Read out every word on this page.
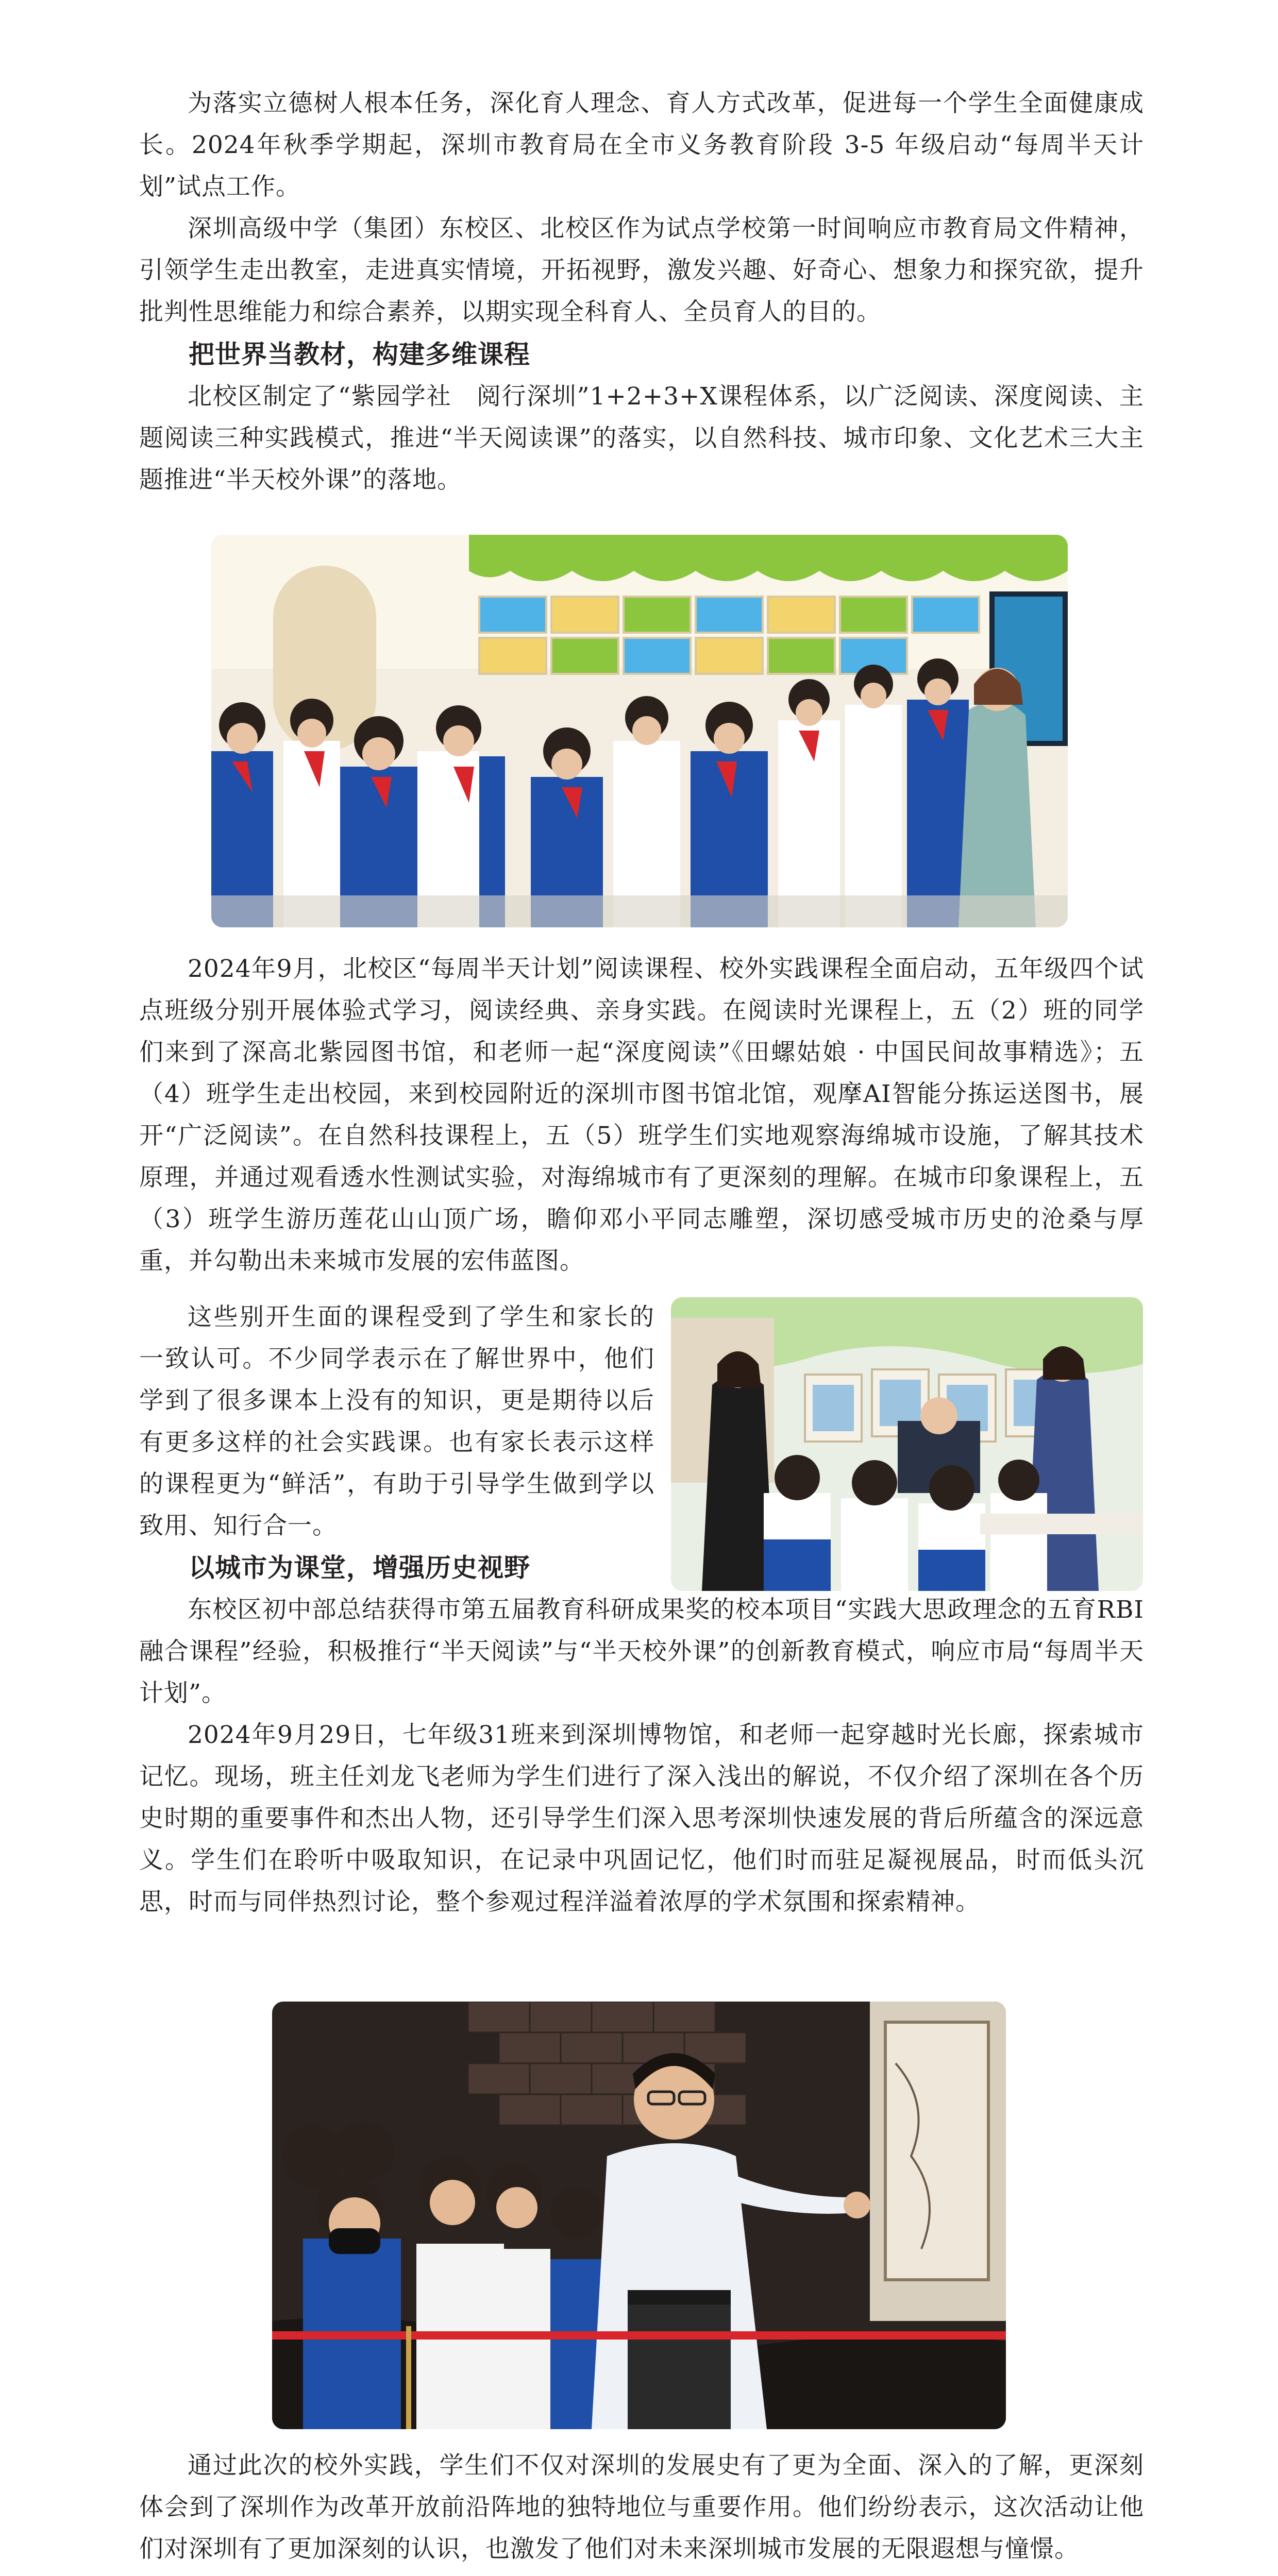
为落实立德树人根本任务，深化育人理念、育人方式改革，促进每一个学生全面健康成长。2024年秋季学期起，深圳市教育局在全市义务教育阶段 3-5 年级启动“每周半天计划”试点工作。

深圳高级中学（集团）东校区、北校区作为试点学校第一时间响应市教育局文件精神，引领学生走出教室，走进真实情境，开拓视野，激发兴趣、好奇心、想象力和探究欲，提升批判性思维能力和综合素养，以期实现全科育人、全员育人的目的。

把世界当教材，构建多维课程

北校区制定了“紫园学社　阅行深圳”1+2+3+X课程体系，以广泛阅读、深度阅读、主题阅读三种实践模式，推进“半天阅读课”的落实，以自然科技、城市印象、文化艺术三大主题推进“半天校外课”的落地。

2024年9月，北校区“每周半天计划”阅读课程、校外实践课程全面启动，五年级四个试点班级分别开展体验式学习，阅读经典、亲身实践。在阅读时光课程上，五（2）班的同学们来到了深高北紫园图书馆，和老师一起“深度阅读”《田螺姑娘 · 中国民间故事精选》；五（4）班学生走出校园，来到校园附近的深圳市图书馆北馆，观摩AI智能分拣运送图书，展开“广泛阅读”。在自然科技课程上，五（5）班学生们实地观察海绵城市设施，了解其技术原理，并通过观看透水性测试实验，对海绵城市有了更深刻的理解。在城市印象课程上，五（3）班学生游历莲花山山顶广场，瞻仰邓小平同志雕塑，深切感受城市历史的沧桑与厚重，并勾勒出未来城市发展的宏伟蓝图。

这些别开生面的课程受到了学生和家长的一致认可。不少同学表示在了解世界中，他们学到了很多课本上没有的知识，更是期待以后有更多这样的社会实践课。也有家长表示这样的课程更为“鲜活”，有助于引导学生做到学以致用、知行合一。

以城市为课堂，增强历史视野

东校区初中部总结获得市第五届教育科研成果奖的校本项目“实践大思政理念的五育RBI融合课程”经验，积极推行“半天阅读”与“半天校外课”的创新教育模式，响应市局“每周半天计划”。

2024年9月29日，七年级31班来到深圳博物馆，和老师一起穿越时光长廊，探索城市记忆。现场，班主任刘龙飞老师为学生们进行了深入浅出的解说，不仅介绍了深圳在各个历史时期的重要事件和杰出人物，还引导学生们深入思考深圳快速发展的背后所蕴含的深远意义。学生们在聆听中吸取知识，在记录中巩固记忆，他们时而驻足凝视展品，时而低头沉思，时而与同伴热烈讨论，整个参观过程洋溢着浓厚的学术氛围和探索精神。

通过此次的校外实践，学生们不仅对深圳的发展史有了更为全面、深入的了解，更深刻体会到了深圳作为改革开放前沿阵地的独特地位与重要作用。他们纷纷表示，这次活动让他们对深圳有了更加深刻的认识，也激发了他们对未来深圳城市发展的无限遐想与憧憬。
